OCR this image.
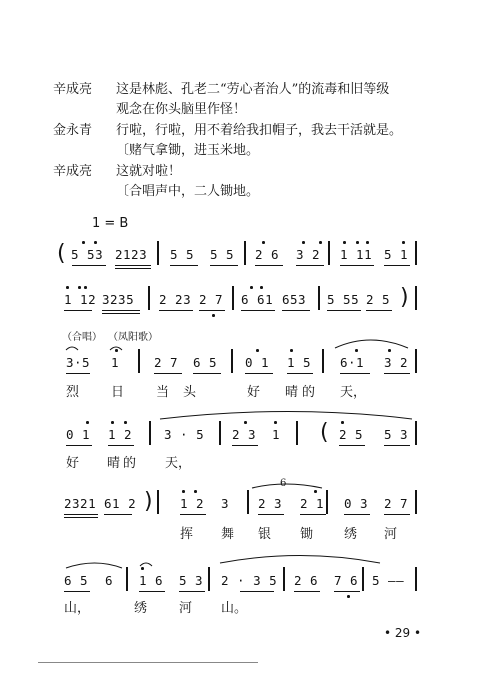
辛成亮 这是林彪、孔老二“劳心者治人”的流毒和旧等级
观念在你头脑里作怪！
金永青 行啦，行啦，用不着给我扣帽子，我去干活就是。
〔赌气拿锄，进玉米地。
辛成亮 这就对啦！
〔合唱声中，二人锄地。
1 = B
( 5 53 2123 5 5 5 5 2 6 3 2 1 11 5 1
1 12 3235 2 23 2 7 6 61 653 5 55 2 5 )
（合唱） （凤阳歌）
3·5 1	2 7 6 5 0 1 1 5 6·1 3 2
烈 日 当头	好 晴的 天，
0 1 1 2	3 · 5 2 3 1 ( 2 5 5 3
好 晴的 天，
2321 61 2 ) 1 2 3 2 3 2 1 0 3 2 7
6
挥 舞 银 锄 绣 河
6 5 6 1 6 5 3 2 · 3 5 2 6 7 6 5 ——
山，	绣 河 山。
• 29 •
